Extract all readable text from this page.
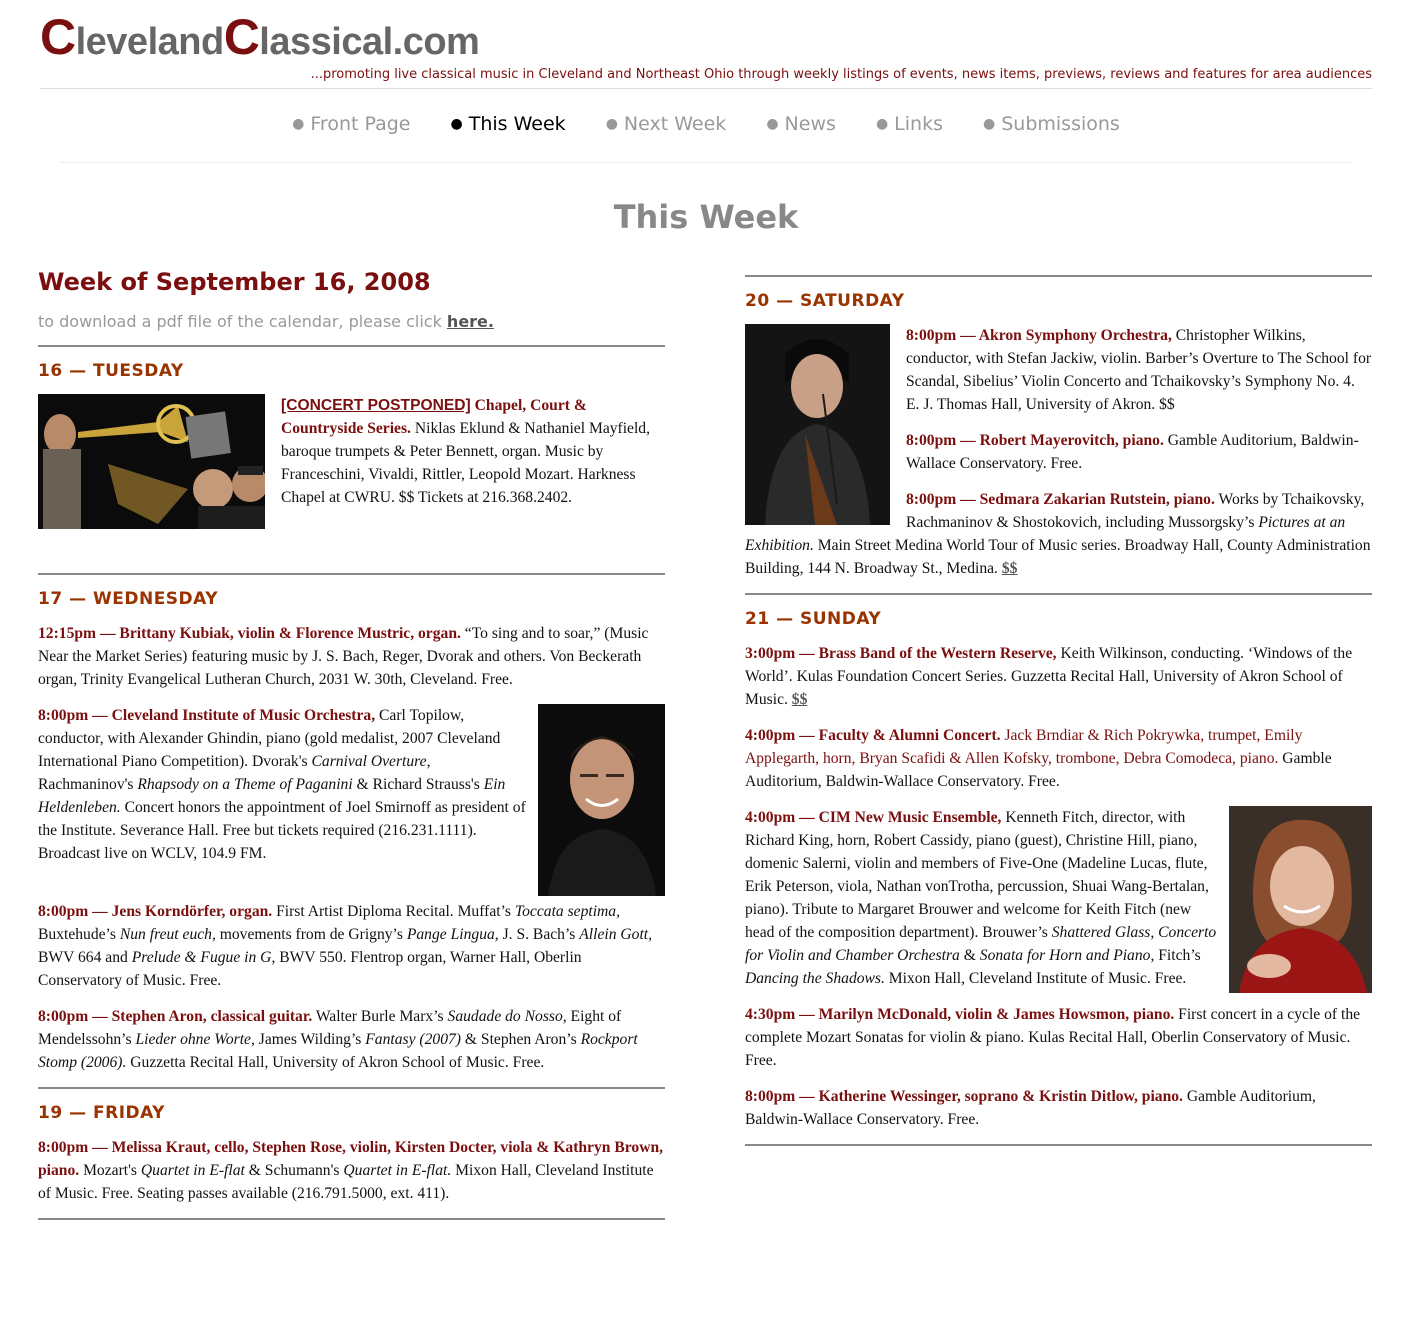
ClevelandClassical.com
...promoting live classical music in Cleveland and Northeast Ohio through weekly listings of events, news items, previews, reviews and features for area audiences
● Front Page	● This Week	● Next Week	● News	● Links	● Submissions
This Week
Week of September 16, 2008
to download a pdf file of the calendar, please click here.
16 — TUESDAY
[CONCERT POSTPONED] Chapel, Court & Countryside Series. Niklas Eklund & Nathaniel Mayfield, baroque trumpets & Peter Bennett, organ. Music by Franceschini, Vivaldi, Rittler, Leopold Mozart. Harkness Chapel at CWRU. $$ Tickets at 216.368.2402.
17 — WEDNESDAY
12:15pm — Brittany Kubiak, violin & Florence Mustric, organ. “To sing and to soar,” (Music Near the Market Series) featuring music by J. S. Bach, Reger, Dvorak and others. Von Beckerath organ, Trinity Evangelical Lutheran Church, 2031 W. 30th, Cleveland. Free.
8:00pm — Cleveland Institute of Music Orchestra, Carl Topilow, conductor, with Alexander Ghindin, piano (gold medalist, 2007 Cleveland International Piano Competition). Dvorak's Carnival Overture, Rachmaninov's Rhapsody on a Theme of Paganini & Richard Strauss's Ein Heldenleben. Concert honors the appointment of Joel Smirnoff as president of the Institute. Severance Hall. Free but tickets required (216.231.1111). Broadcast live on WCLV, 104.9 FM.
8:00pm — Jens Korndörfer, organ. First Artist Diploma Recital. Muffat’s Toccata septima, Buxtehude’s Nun freut euch, movements from de Grigny’s Pange Lingua, J. S. Bach’s Allein Gott, BWV 664 and Prelude & Fugue in G, BWV 550. Flentrop organ, Warner Hall, Oberlin Conservatory of Music. Free.
8:00pm — Stephen Aron, classical guitar. Walter Burle Marx’s Saudade do Nosso, Eight of Mendelssohn’s Lieder ohne Worte, James Wilding’s Fantasy (2007) & Stephen Aron’s Rockport Stomp (2006). Guzzetta Recital Hall, University of Akron School of Music. Free.
19 — FRIDAY
8:00pm — Melissa Kraut, cello, Stephen Rose, violin, Kirsten Docter, viola & Kathryn Brown, piano. Mozart's Quartet in E-flat & Schumann's Quartet in E-flat. Mixon Hall, Cleveland Institute of Music. Free. Seating passes available (216.791.5000, ext. 411).
20 — SATURDAY
8:00pm — Akron Symphony Orchestra, Christopher Wilkins, conductor, with Stefan Jackiw, violin. Barber’s Overture to The School for Scandal, Sibelius’ Violin Concerto and Tchaikovsky’s Symphony No. 4. E. J. Thomas Hall, University of Akron. $$
8:00pm — Robert Mayerovitch, piano. Gamble Auditorium, Baldwin-Wallace Conservatory. Free.
8:00pm — Sedmara Zakarian Rutstein, piano. Works by Tchaikovsky, Rachmaninov & Shostokovich, including Mussorgsky’s Pictures at an Exhibition. Main Street Medina World Tour of Music series. Broadway Hall, County Administration Building, 144 N. Broadway St., Medina. $$
21 — SUNDAY
3:00pm — Brass Band of the Western Reserve, Keith Wilkinson, conducting. ‘Windows of the World’. Kulas Foundation Concert Series. Guzzetta Recital Hall, University of Akron School of Music. $$
4:00pm — Faculty & Alumni Concert. Jack Brndiar & Rich Pokrywka, trumpet, Emily Applegarth, horn, Bryan Scafidi & Allen Kofsky, trombone, Debra Comodeca, piano. Gamble Auditorium, Baldwin-Wallace Conservatory. Free.
4:00pm — CIM New Music Ensemble, Kenneth Fitch, director, with Richard King, horn, Robert Cassidy, piano (guest), Christine Hill, piano, domenic Salerni, violin and members of Five-One (Madeline Lucas, flute, Erik Peterson, viola, Nathan vonTrotha, percussion, Shuai Wang-Bertalan, piano). Tribute to Margaret Brouwer and welcome for Keith Fitch (new head of the composition department). Brouwer’s Shattered Glass, Concerto for Violin and Chamber Orchestra & Sonata for Horn and Piano, Fitch’s Dancing the Shadows. Mixon Hall, Cleveland Institute of Music. Free.
4:30pm — Marilyn McDonald, violin & James Howsmon, piano. First concert in a cycle of the complete Mozart Sonatas for violin & piano. Kulas Recital Hall, Oberlin Conservatory of Music. Free.
8:00pm — Katherine Wessinger, soprano & Kristin Ditlow, piano. Gamble Auditorium, Baldwin-Wallace Conservatory. Free.
